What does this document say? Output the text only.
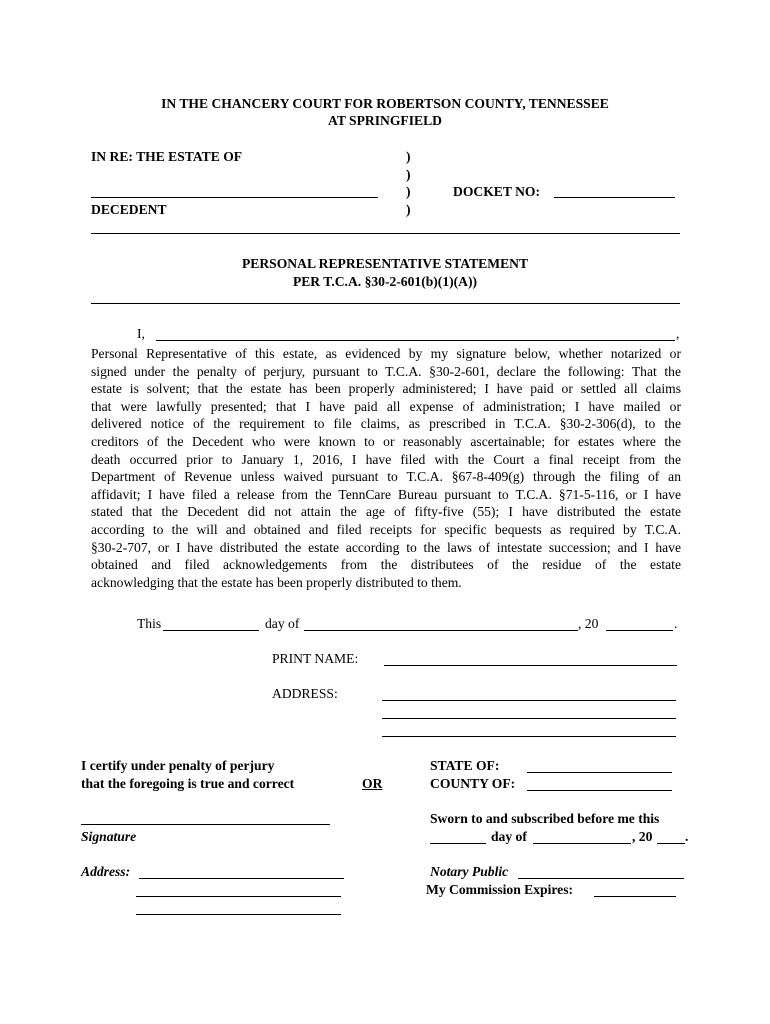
IN THE CHANCERY COURT FOR ROBERTSON COUNTY, TENNESSEE
AT SPRINGFIELD
IN RE: THE ESTATE OF	)
)
)
)
DECEDENT
DOCKET NO:
PERSONAL REPRESENTATIVE STATEMENT
PER T.C.A. §30-2-601(b)(1)(A))
I,	,
Personal Representative of this estate, as evidenced by my signature below, whether notarized or
signed under the penalty of perjury, pursuant to T.C.A. §30-2-601, declare the following: That the
estate is solvent; that the estate has been properly administered; I have paid or settled all claims
that were lawfully presented; that I have paid all expense of administration; I have mailed or
delivered notice of the requirement to file claims, as prescribed in T.C.A. §30-2-306(d), to the
creditors of the Decedent who were known to or reasonably ascertainable; for estates where the
death occurred prior to January 1, 2016, I have filed with the Court a final receipt from the
Department of Revenue unless waived pursuant to T.C.A. §67-8-409(g) through the filing of an
affidavit; I have filed a release from the TennCare Bureau pursuant to T.C.A. §71-5-116, or I have
stated that the Decedent did not attain the age of fifty-five (55); I have distributed the estate
according to the will and obtained and filed receipts for specific bequests as required by T.C.A.
§30-2-707, or I have distributed the estate according to the laws of intestate succession; and I have
obtained and filed acknowledgements from the distributees of the residue of the estate
acknowledging that the estate has been properly distributed to them.
This	day of	, 20	.
PRINT NAME:
ADDRESS:
I certify under penalty of perjury
that the foregoing is true and correct
Signature
Address:
OR
STATE OF:
COUNTY OF:
Sworn to and subscribed before me this
day of	, 20 .
Notary Public
My Commission Expires:
